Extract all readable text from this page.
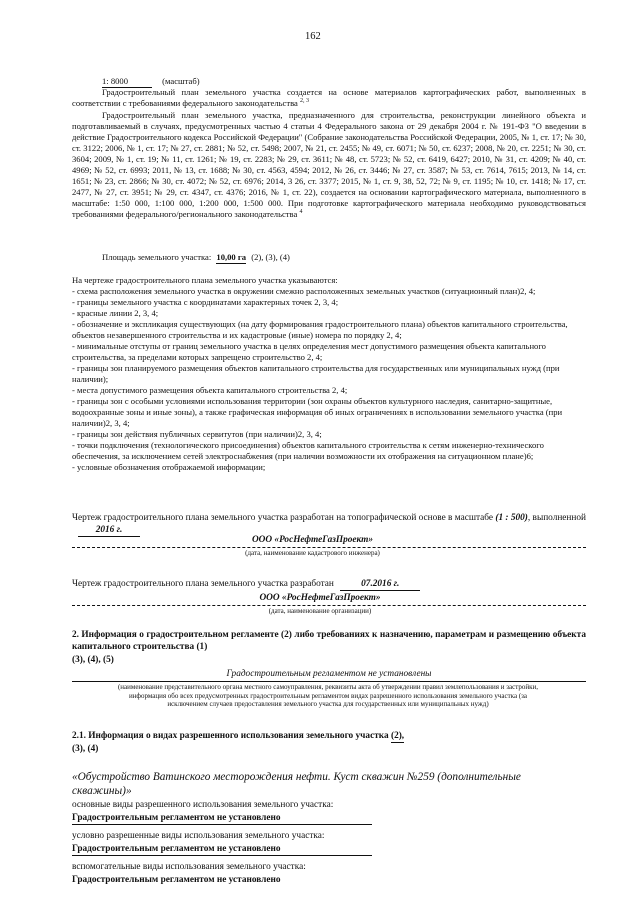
162
1: 8000	(масштаб)
Градостроительный план земельного участка создается на основе материалов картографических работ, выполненных в соответствии с требованиями федерального законодательства $^{2, 3}$
Градостроительный план земельного участка, предназначенного для строительства, реконструкции линейного объекта и подготавливаемый в случаях, предусмотренных частью 4 статьи 4 Федерального закона от 29 декабря 2004 г. № 191-ФЗ "О введении в действие Градостроительного кодекса Российской Федерации" (Собрание законодательства Российской Федерации, 2005, № 1, ст. 17; № 30, ст. 3122; 2006, № 1, ст. 17; № 27, ст. 2881; № 52, ст. 5498; 2007, № 21, ст. 2455; № 49, ст. 6071; № 50, ст. 6237; 2008, № 20, ст. 2251; № 30, ст. 3604; 2009, № 1, ст. 19; № 11, ст. 1261; № 19, ст. 2283; № 29, ст. 3611; № 48, ст. 5723; № 52, ст. 6419, 6427; 2010, № 31, ст. 4209; № 40, ст. 4969; № 52, ст. 6993; 2011, № 13, ст. 1688; № 30, ст. 4563, 4594; 2012, № 26, ст. 3446; № 27, ст. 3587; № 53, ст. 7614, 7615; 2013, № 14, ст. 1651; № 23, ст. 2866; № 30, ст. 4072; № 52, ст. 6976; 2014, 3 26, ст. 3377; 2015, № 1, ст. 9, 38, 52, 72; № 9, ст. 1195; № 10, ст. 1418; № 17, ст. 2477, № 27, ст. 3951; № 29, ст. 4347, ст. 4376; 2016, № 1, ст. 22), создается на основании картографического материала, выполненного в масштабе: 1:50 000, 1:100 000, 1:200 000, 1:500 000. При подготовке картографического материала необходимо руководствоваться требованиями федерального/регионального законодательства $^4$
Площадь земельного участка: 10,00 га (2), (3), (4)
На чертеже градостроительного плана земельного участка указываются:
- схема расположения земельного участка в окружении смежно расположенных земельных участков (ситуационный план)2, 4;
- границы земельного участка с координатами характерных точек 2, 3, 4;
- красные линии 2, 3, 4;
- обозначение и экспликация существующих (на дату формирования градостроительного плана) объектов капитального строительства, объектов незавершенного строительства и их кадастровые (иные) номера по порядку 2, 4;
- минимальные отступы от границ земельного участка в целях определения мест допустимого размещения объекта капитального строительства, за пределами которых запрещено строительство 2, 4;
- границы зон планируемого размещения объектов капитального строительства для государственных или муниципальных нужд (при наличии);
- места допустимого размещения объекта капитального строительства 2, 4;
- границы зон с особыми условиями использования территории (зон охраны объектов культурного наследия, санитарно-защитные, водоохранные зоны и иные зоны), а также графическая информация об иных ограничениях в использовании земельного участка (при наличии)2, 3, 4;
- границы зон действия публичных сервитутов (при наличии)2, 3, 4;
- точки подключения (технологического присоединения) объектов капитального строительства к сетям инженерно-технического обеспечения, за исключением сетей электроснабжения (при наличии возможности их отображения на ситуационном плане)6;
- условные обозначения отображаемой информации;
Чертеж градостроительного плана земельного участка разработан на топографической основе в масштабе (1 : 500), выполненной 2016 г.
ООО «РосНефтеГазПроект»
(дата, наименование кадастрового инженера)
Чертеж градостроительного плана земельного участка разработан	07.2016 г.
ООО «РосНефтеГазПроект»
(дата, наименование организации)
2. Информация о градостроительном регламенте (2) либо требованиях к назначению, параметрам и размещению объекта капитального строительства (1)
(3), (4), (5)
Градостроительным регламентом не установлены
(наименование представительного органа местного самоуправления, реквизиты акта об утверждении правил землепользования и застройки, информация обо всех предусмотренных градостроительным регламентом видах разрешенного использования земельного участка (за исключением случаев предоставления земельного участка для государственных или муниципальных нужд)
2.1. Информация о видах разрешенного использования земельного участка (2),
(3), (4)
«Обустройство Ватинского месторождения нефти. Куст скважин №259 (дополнительные скважины)»
основные виды разрешенного использования земельного участка:
Градостроительным регламентом не установлено
условно разрешенные виды использования земельного участка:
Градостроительным регламентом не установлено
вспомогательные виды использования земельного участка:
Градостроительным регламентом не установлено
